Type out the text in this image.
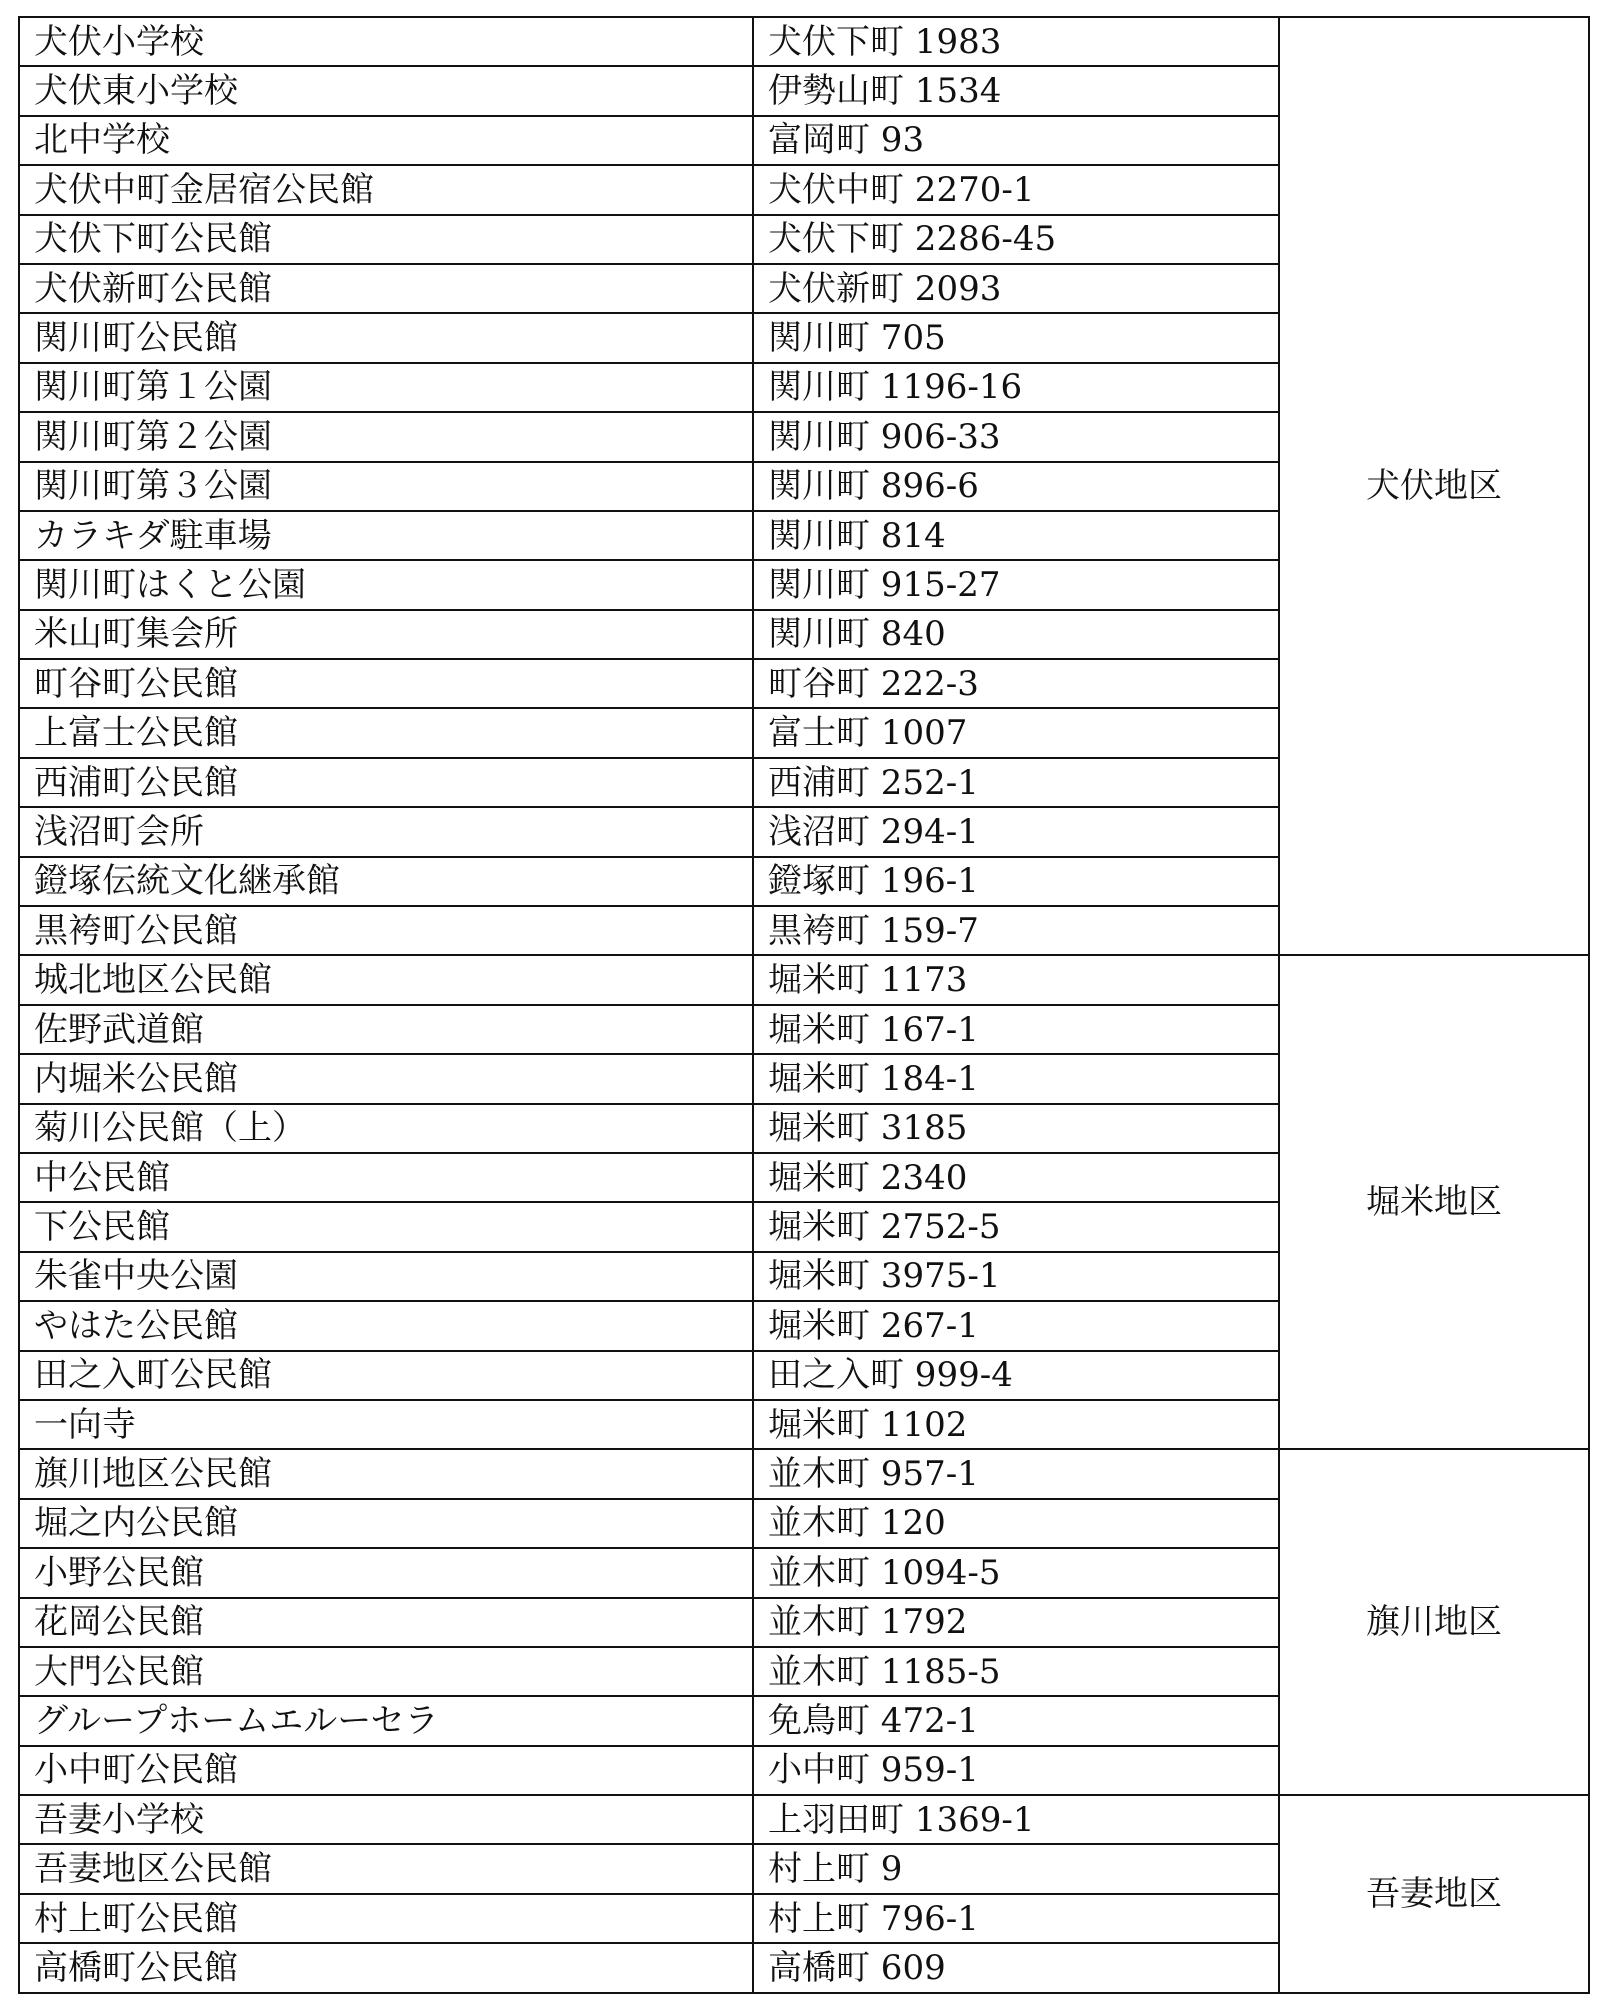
犬伏小学校	犬伏下町 1983	犬伏地区
犬伏東小学校	伊勢山町 1534	
北中学校	富岡町 93	
犬伏中町金居宿公民館	犬伏中町 2270-1	
犬伏下町公民館	犬伏下町 2286-45	
犬伏新町公民館	犬伏新町 2093	
関川町公民館	関川町 705	
関川町第１公園	関川町 1196-16	
関川町第２公園	関川町 906-33	
関川町第３公園	関川町 896-6	
カラキダ駐車場	関川町 814	
関川町はくと公園	関川町 915-27	
米山町集会所	関川町 840	
町谷町公民館	町谷町 222-3	
上富士公民館	富士町 1007	
西浦町公民館	西浦町 252-1	
浅沼町会所	浅沼町 294-1	
鐙塚伝統文化継承館	鐙塚町 196-1	
黒袴町公民館	黒袴町 159-7	
城北地区公民館	堀米町 1173	堀米地区
佐野武道館	堀米町 167-1	
内堀米公民館	堀米町 184-1	
菊川公民館（上）	堀米町 3185	
中公民館	堀米町 2340	
下公民館	堀米町 2752-5	
朱雀中央公園	堀米町 3975-1	
やはた公民館	堀米町 267-1	
田之入町公民館	田之入町 999-4	
一向寺	堀米町 1102	
旗川地区公民館	並木町 957-1	旗川地区
堀之内公民館	並木町 120	
小野公民館	並木町 1094-5	
花岡公民館	並木町 1792	
大門公民館	並木町 1185-5	
グループホームエルーセラ	免鳥町 472-1	
小中町公民館	小中町 959-1	
吾妻小学校	上羽田町 1369-1	吾妻地区
吾妻地区公民館	村上町 9	
村上町公民館	村上町 796-1	
高橋町公民館	高橋町 609	
